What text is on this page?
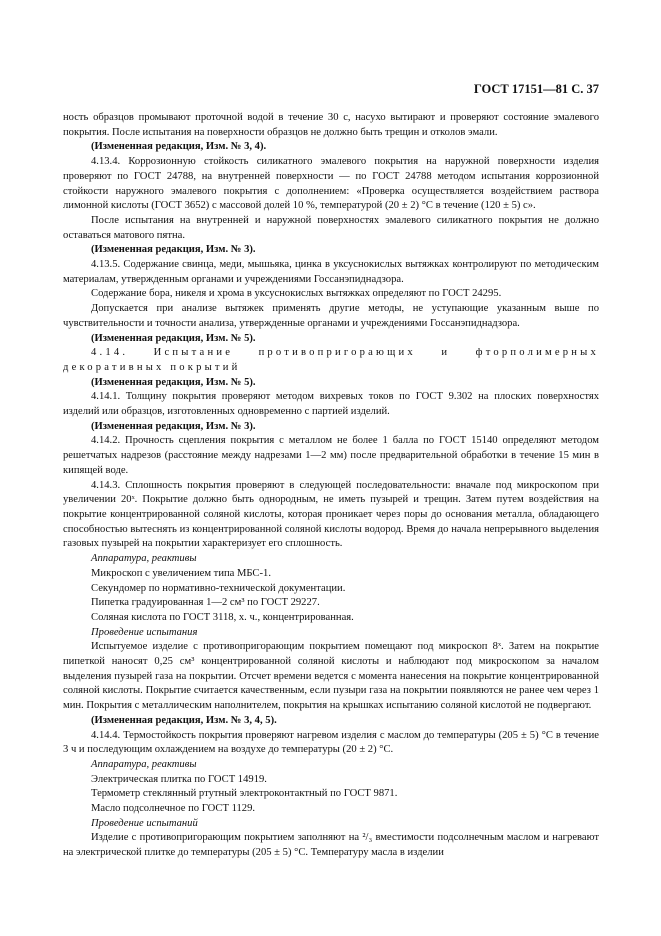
ГОСТ 17151—81 С. 37

ность образцов промывают проточной водой в течение 30 с, насухо вытирают и проверяют состояние эмалевого покрытия. После испытания на поверхности образцов не должно быть трещин и отколов эмали.

(Измененная редакция, Изм. № 3, 4).

4.13.4. Коррозионную стойкость силикатного эмалевого покрытия на наружной поверхности изделия проверяют по ГОСТ 24788, на внутренней поверхности — по ГОСТ 24788 методом испытания коррозионной стойкости наружного эмалевого покрытия с дополнением: «Проверка осуществляется воздействием раствора лимонной кислоты (ГОСТ 3652) с массовой долей 10 %, температурой (20 ± 2) °С в течение (120 ± 5) с».

После испытания на внутренней и наружной поверхностях эмалевого силикатного покрытия не должно оставаться матового пятна.

(Измененная редакция, Изм. № 3).

4.13.5. Содержание свинца, меди, мышьяка, цинка в уксуснокислых вытяжках контролируют по методическим материалам, утвержденным органами и учреждениями Госсанэпиднадзора.

Содержание бора, никеля и хрома в уксуснокислых вытяжках определяют по ГОСТ 24295.

Допускается при анализе вытяжек применять другие методы, не уступающие указанным выше по чувствительности и точности анализа, утвержденные органами и учреждениями Госсанэпиднадзора.

(Измененная редакция, Изм. № 5).

4.14. Испытание противопригорающих и фторполимерных декоративных покрытий

(Измененная редакция, Изм. № 5).

4.14.1. Толщину покрытия проверяют методом вихревых токов по ГОСТ 9.302 на плоских поверхностях изделий или образцов, изготовленных одновременно с партией изделий.

(Измененная редакция, Изм. № 3).

4.14.2. Прочность сцепления покрытия с металлом не более 1 балла по ГОСТ 15140 определяют методом решетчатых надрезов (расстояние между надрезами 1—2 мм) после предварительной обработки в течение 15 мин в кипящей воде.

4.14.3. Сплошность покрытия проверяют в следующей последовательности: вначале под микроскопом при увеличении 20ˣ. Покрытие должно быть однородным, не иметь пузырей и трещин. Затем путем воздействия на покрытие концентрированной соляной кислоты, которая проникает через поры до основания металла, обладающего способностью вытеснять из концентрированной соляной кислоты водород. Время до начала непрерывного выделения газовых пузырей на покрытии характеризует его сплошность.

Аппаратура, реактивы

Микроскоп с увеличением типа МБС-1.

Секундомер по нормативно-технической документации.

Пипетка градуированная 1—2 см³ по ГОСТ 29227.

Соляная кислота по ГОСТ 3118, х. ч., концентрированная.

Проведение испытания

Испытуемое изделие с противопригорающим покрытием помещают под микроскоп 8ˣ. Затем на покрытие пипеткой наносят 0,25 см³ концентрированной соляной кислоты и наблюдают под микроскопом за началом выделения пузырей газа на покрытии. Отсчет времени ведется с момента нанесения на покрытие концентрированной соляной кислоты. Покрытие считается качественным, если пузыри газа на покрытии появляются не ранее чем через 1 мин. Покрытия с металлическим наполнителем, покрытия на крышках испытанию соляной кислотой не подвергают.

(Измененная редакция, Изм. № 3, 4, 5).

4.14.4. Термостойкость покрытия проверяют нагревом изделия с маслом до температуры (205 ± 5) °С в течение 3 ч и последующим охлаждением на воздухе до температуры (20 ± 2) °С.

Аппаратура, реактивы

Электрическая плитка по ГОСТ 14919.

Термометр стеклянный ртутный электроконтактный по ГОСТ 9871.

Масло подсолнечное по ГОСТ 1129.

Проведение испытаний

Изделие с противопригорающим покрытием заполняют на ²/₃ вместимости подсолнечным маслом и нагревают на электрической плитке до температуры (205 ± 5) °С. Температуру масла в изделии
